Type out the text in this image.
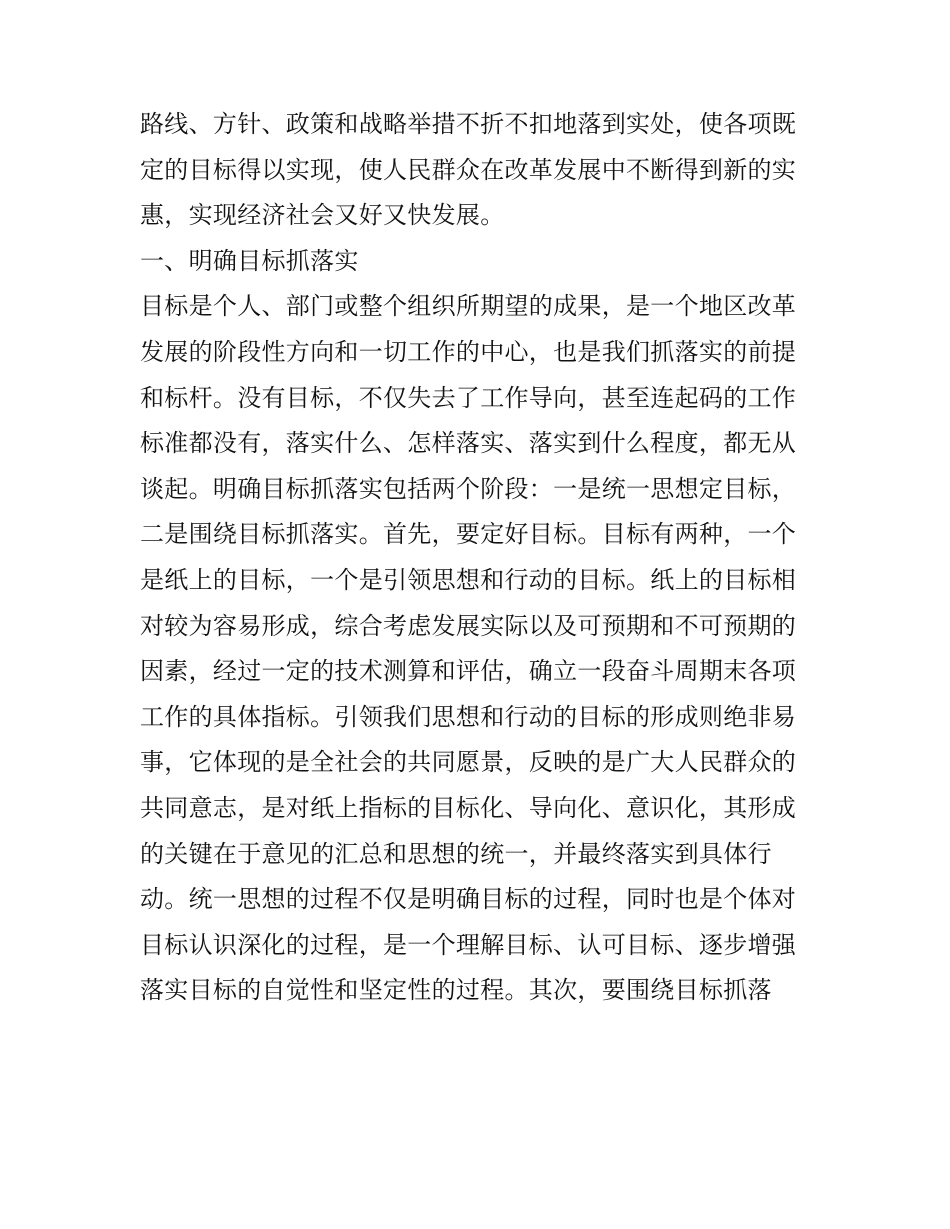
路线、方针、政策和战略举措不折不扣地落到实处，使各项既
定的目标得以实现，使人民群众在改革发展中不断得到新的实
惠，实现经济社会又好又快发展。
一、明确目标抓落实
目标是个人、部门或整个组织所期望的成果，是一个地区改革
发展的阶段性方向和一切工作的中心，也是我们抓落实的前提
和标杆。没有目标，不仅失去了工作导向，甚至连起码的工作
标准都没有，落实什么、怎样落实、落实到什么程度，都无从
谈起。明确目标抓落实包括两个阶段：一是统一思想定目标，
二是围绕目标抓落实。首先，要定好目标。目标有两种，一个
是纸上的目标，一个是引领思想和行动的目标。纸上的目标相
对较为容易形成，综合考虑发展实际以及可预期和不可预期的
因素，经过一定的技术测算和评估，确立一段奋斗周期末各项
工作的具体指标。引领我们思想和行动的目标的形成则绝非易
事，它体现的是全社会的共同愿景，反映的是广大人民群众的
共同意志，是对纸上指标的目标化、导向化、意识化，其形成
的关键在于意见的汇总和思想的统一，并最终落实到具体行
动。统一思想的过程不仅是明确目标的过程，同时也是个体对
目标认识深化的过程，是一个理解目标、认可目标、逐步增强
落实目标的自觉性和坚定性的过程。其次，要围绕目标抓落
